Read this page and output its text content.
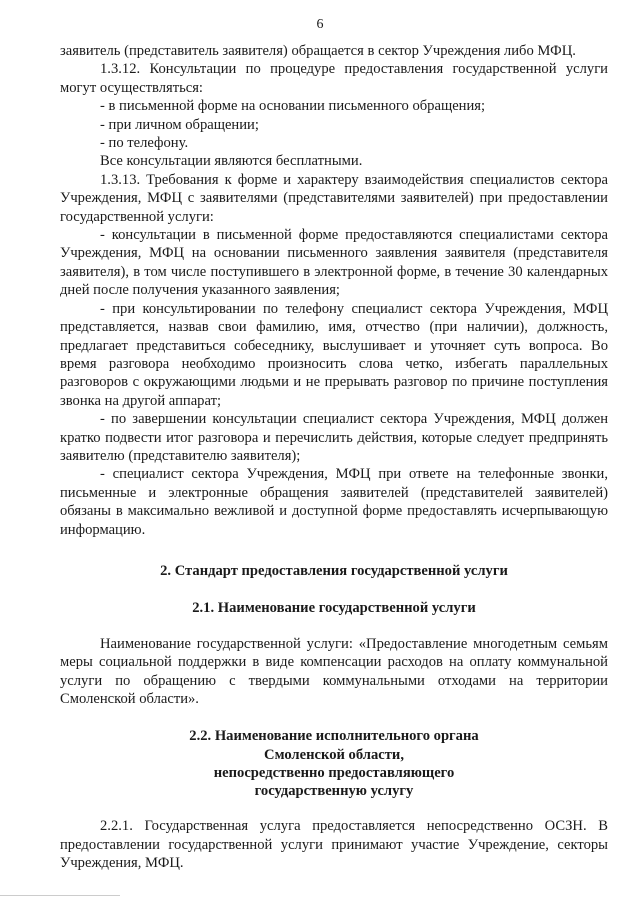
6

заявитель (представитель заявителя) обращается в сектор Учреждения либо МФЦ.

1.3.12. Консультации по процедуре предоставления государственной услуги могут осуществляться:

- в письменной форме на основании письменного обращения;

- при личном обращении;

- по телефону.

Все консультации являются бесплатными.

1.3.13. Требования к форме и характеру взаимодействия специалистов сектора Учреждения, МФЦ с заявителями (представителями заявителей) при предоставлении государственной услуги:

- консультации в письменной форме предоставляются специалистами сектора Учреждения, МФЦ на основании письменного заявления заявителя (представителя заявителя), в том числе поступившего в электронной форме, в течение 30 календарных дней после получения указанного заявления;

- при консультировании по телефону специалист сектора Учреждения, МФЦ представляется, назвав свои фамилию, имя, отчество (при наличии), должность, предлагает представиться собеседнику, выслушивает и уточняет суть вопроса. Во время разговора необходимо произносить слова четко, избегать параллельных разговоров с окружающими людьми и не прерывать разговор по причине поступления звонка на другой аппарат;

- по завершении консультации специалист сектора Учреждения, МФЦ должен кратко подвести итог разговора и перечислить действия, которые следует предпринять заявителю (представителю заявителя);

- специалист сектора Учреждения, МФЦ при ответе на телефонные звонки, письменные и электронные обращения заявителей (представителей заявителей) обязаны в максимально вежливой и доступной форме предоставлять исчерпывающую информацию.

2. Стандарт предоставления государственной услуги

2.1. Наименование государственной услуги

Наименование государственной услуги: «Предоставление многодетным семьям меры социальной поддержки в виде компенсации расходов на оплату коммунальной услуги по обращению с твердыми коммунальными отходами на территории Смоленской области».

2.2. Наименование исполнительного органа
Смоленской области,
непосредственно предоставляющего
государственную услугу

2.2.1. Государственная услуга предоставляется непосредственно ОСЗН. В предоставлении государственной услуги принимают участие Учреждение, секторы Учреждения, МФЦ.
